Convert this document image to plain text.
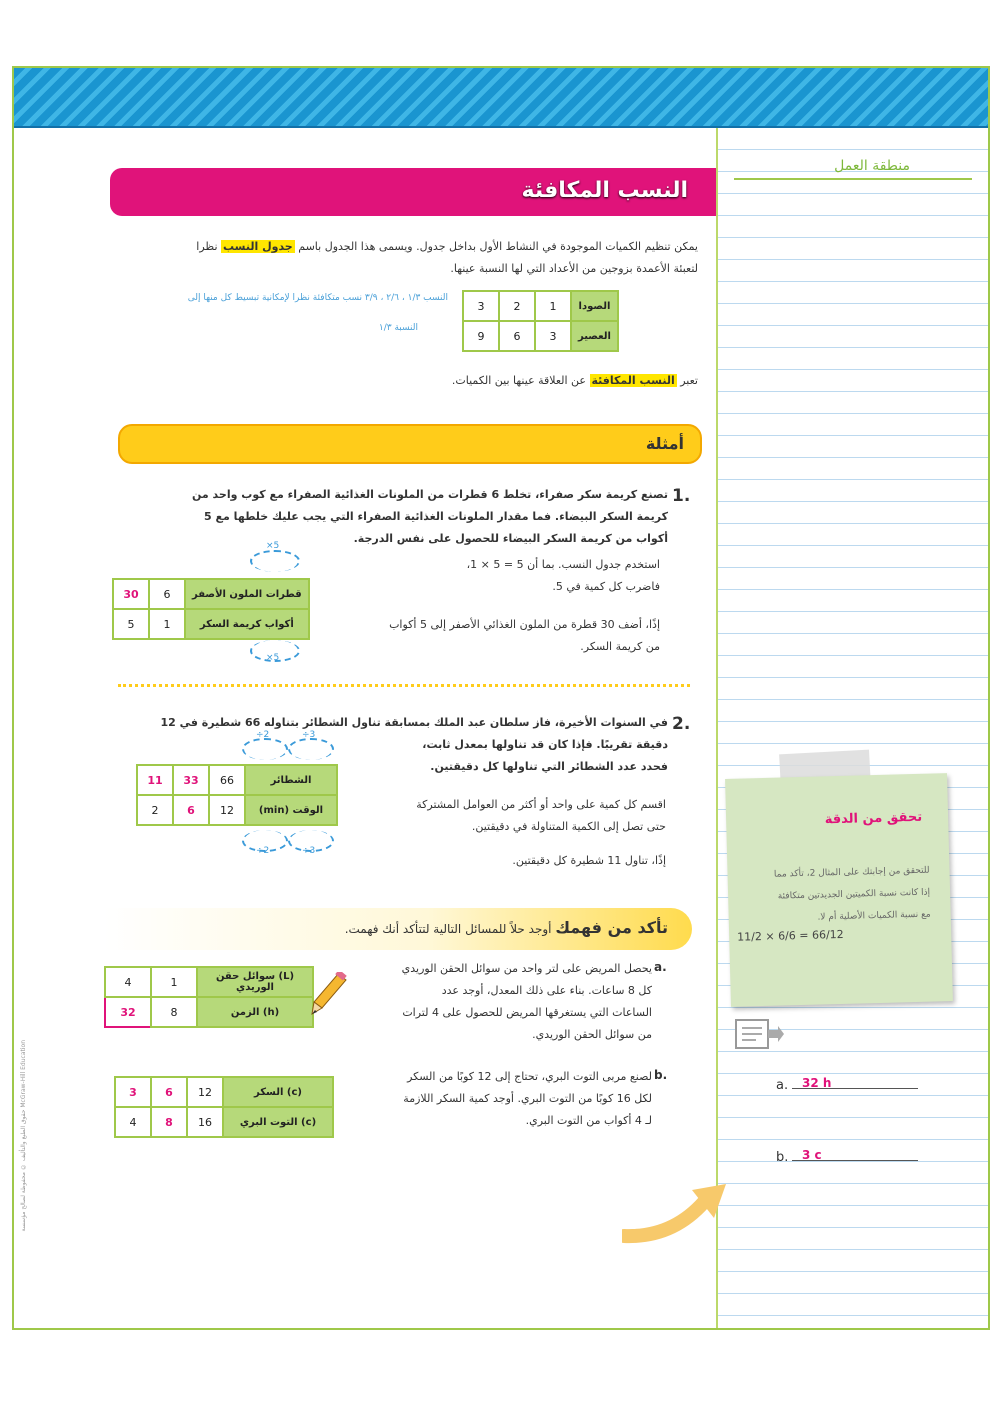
منطقة العمل
النسب المكافئة
يمكن تنظيم الكميات الموجودة في النشاط الأول بداخل جدول. ويسمى هذا الجدول باسم جدول النسب نظرا
لتعبئة الأعمدة بزوجين من الأعداد التي لها النسبة عينها.
الصودا	1	2	3
العصير	3	6	9
النسب ١/٣ ، ٢/٦ ، ٣/٩ نسب متكافئة نظرا لإمكانية تبسيط كل منها إلى
النسبة ١/٣
تعبر النسب المكافئة عن العلاقة عينها بين الكميات.
أمثلة
1.
تصنع كريمة سكر صفراء، تخلط 6 قطرات من الملونات الغذائية الصفراء مع كوب واحد من
كريمة السكر البيضاء. فما مقدار الملونات الغذائية الصفراء التي يجب عليك خلطها مع 5
أكواب من كريمة السكر البيضاء للحصول على نفس الدرجة.
استخدم جدول النسب. بما أن 5 = 5 × 1،
فاضرب كل كمية في 5.
إذًا، أضف 30 قطرة من الملون الغذائي الأصفر إلى 5 أكواب
من كريمة السكر.
×5
قطرات الملون الأصفر	6	30
أكواب كريمة السكر	1	5
×5
2.
في السنوات الأخيرة، فاز سلطان عبد الملك بمسابقة تناول الشطائر بتناوله 66 شطيرة في 12
دقيقة تقريبًا. فإذا كان قد تناولها بمعدل ثابت،
فحدد عدد الشطائر التي تناولها كل دقيقتين.
اقسم كل كمية على واحد أو أكثر من العوامل المشتركة
حتى تصل إلى الكمية المتناولة في دقيقتين.
إذًا، تناول 11 شطيرة كل دقيقتين.
÷2	÷3
الشطائر	66	33	11
الوقت (min)	12	6	2
÷2	÷3
تأكد من فهمك أوجد حلاً للمسائل التالية لتتأكد أنك فهمت.
a.
يحصل المريض على لتر واحد من سوائل الحقن الوريدي
كل 8 ساعات. بناء على ذلك المعدل، أوجد عدد
الساعات التي يستغرقها المريض للحصول على 4 لترات
من سوائل الحقن الوريدي.
(L) سوائل حقن الوريدي	1	4
(h) الزمن	8	32
b.
لصنع مربى التوت البري، تحتاج إلى 12 كوبًا من السكر
لكل 16 كوبًا من التوت البري. أوجد كمية السكر اللازمة
لـ 4 أكواب من التوت البري.
(c) السكر	12	6	3
(c) التوت البري	16	8	4
تحقق من الدقة
للتحقق من إجابتك على المثال 2، تأكد مما
إذا كانت نسبة الكميتين الجديدتين متكافئة
مع نسبة الكميات الأصلية أم لا.
11/2 × 6/6 = 66/12
a. 32 h
b. 3 c
حقوق الطبع والتأليف © محفوظة لصالح مؤسسة McGraw-Hill Education
